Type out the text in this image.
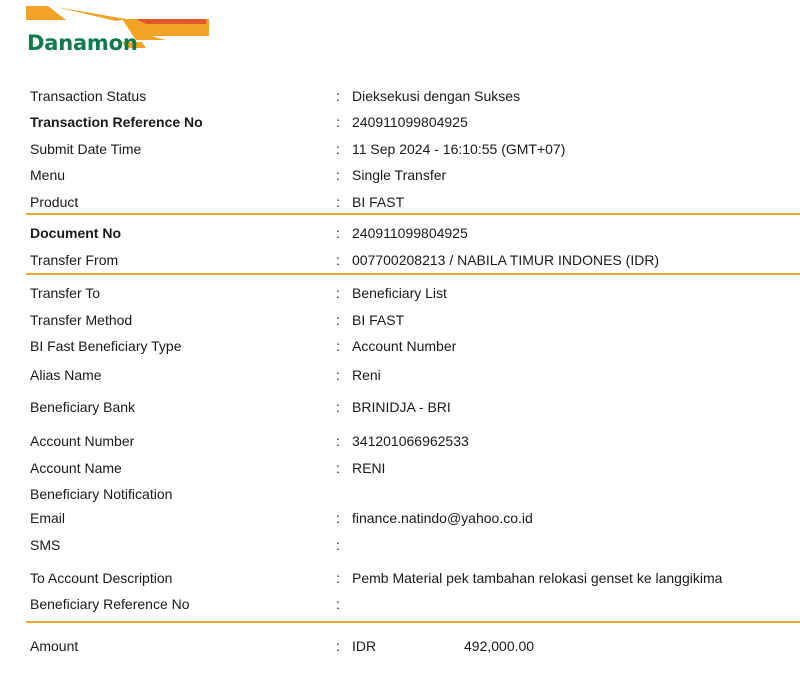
Danamon
Transaction Status	: Dieksekusi dengan Sukses
Transaction Reference No	: 240911099804925
Submit Date Time	: 11 Sep 2024 - 16:10:55 (GMT+07)
Menu	: Single Transfer
Product	: BI FAST
Document No	: 240911099804925
Transfer From	: 007700208213 / NABILA TIMUR INDONES (IDR)
Transfer To	: Beneficiary List
Transfer Method	: BI FAST
BI Fast Beneficiary Type	: Account Number
Alias Name	: Reni
Beneficiary Bank	: BRINIDJA - BRI
Account Number	: 341201066962533
Account Name	: RENI
Beneficiary Notification
Email	: finance.natindo@yahoo.co.id
SMS	:
To Account Description	: Pemb Material pek tambahan relokasi genset ke langgikima
Beneficiary Reference No	:
Amount	: IDR	492,000.00
